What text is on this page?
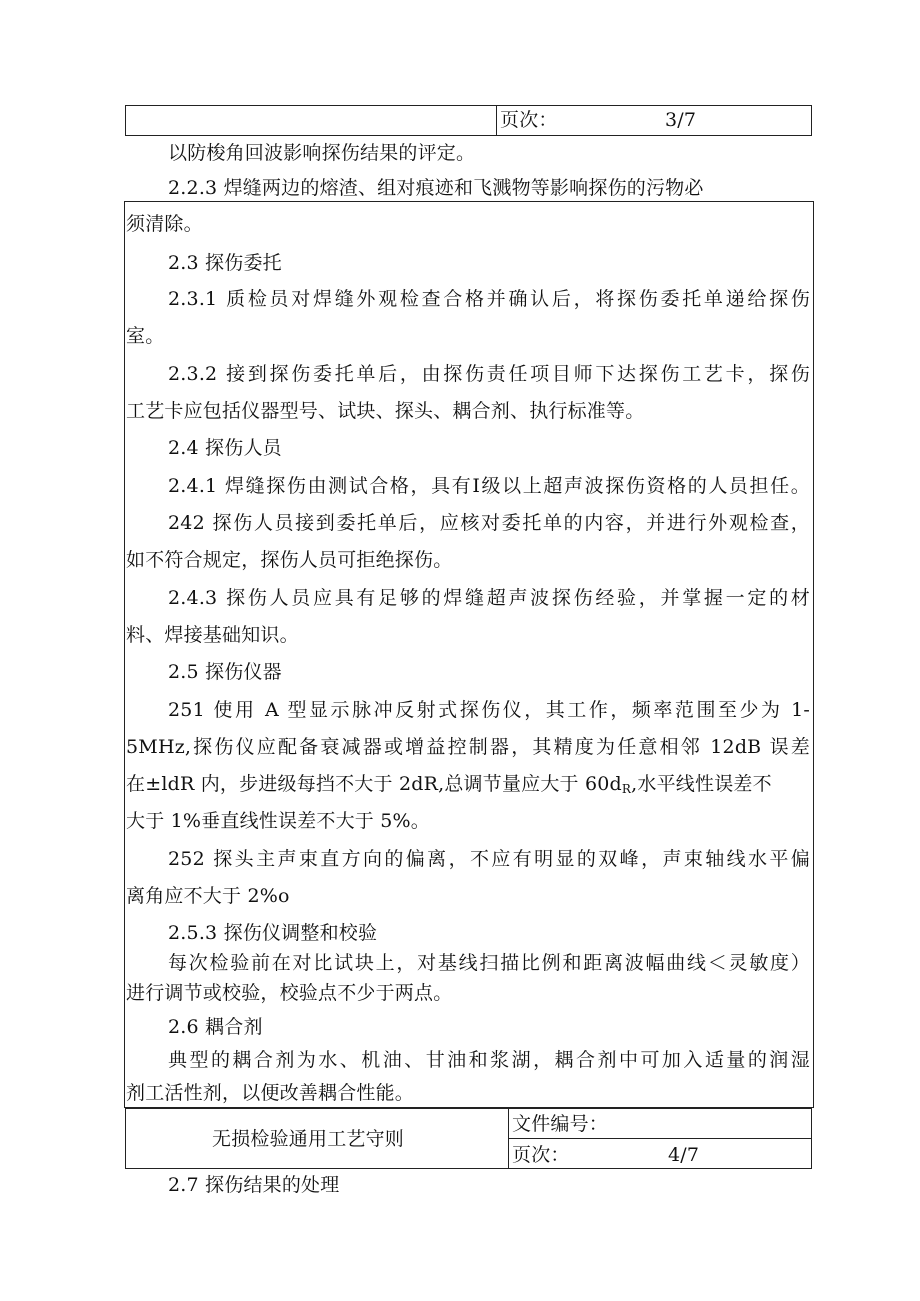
页次：	3/7
以防梭角回波影响探伤结果的评定。
2.2.3 焊缝两边的熔渣、组对痕迹和飞溅物等影响探伤的污物必
须清除。
2.3 探伤委托
2.3.1 质检员对焊缝外观检查合格并确认后，将探伤委托单递给探伤
室。
2.3.2 接到探伤委托单后，由探伤责任项目师下达探伤工艺卡，探伤
工艺卡应包括仪器型号、试块、探头、耦合剂、执行标准等。
2.4 探伤人员
2.4.1 焊缝探伤由测试合格，具有I级以上超声波探伤资格的人员担任。
242 探伤人员接到委托单后，应核对委托单的内容，并进行外观检查，
如不符合规定，探伤人员可拒绝探伤。
2.4.3 探伤人员应具有足够的焊缝超声波探伤经验，并掌握一定的材
料、焊接基础知识。
2.5 探伤仪器
251 使用 A 型显示脉冲反射式探伤仪，其工作，频率范围至少为 1-
5MHz,探伤仪应配备衰减器或增益控制器，其精度为任意相邻 12dB 误差
在±ldR 内，步进级每挡不大于 2dR,总调节量应大于 $60d_R$,水平线性误差不
大于 1%垂直线性误差不大于 5%。
252 探头主声束直方向的偏离，不应有明显的双峰，声束轴线水平偏
离角应不大于 2%o
2.5.3 探伤仪调整和校验
每次检验前在对比试块上，对基线扫描比例和距离波幅曲线＜灵敏度）
进行调节或校验，校验点不少于两点。
2.6 耦合剂
典型的耦合剂为水、机油、甘油和浆湖，耦合剂中可加入适量的润湿
剂工活性剂，以便改善耦合性能。
无损检验通用工艺守则
文件编号：
页次：	4/7
2.7 探伤结果的处理
